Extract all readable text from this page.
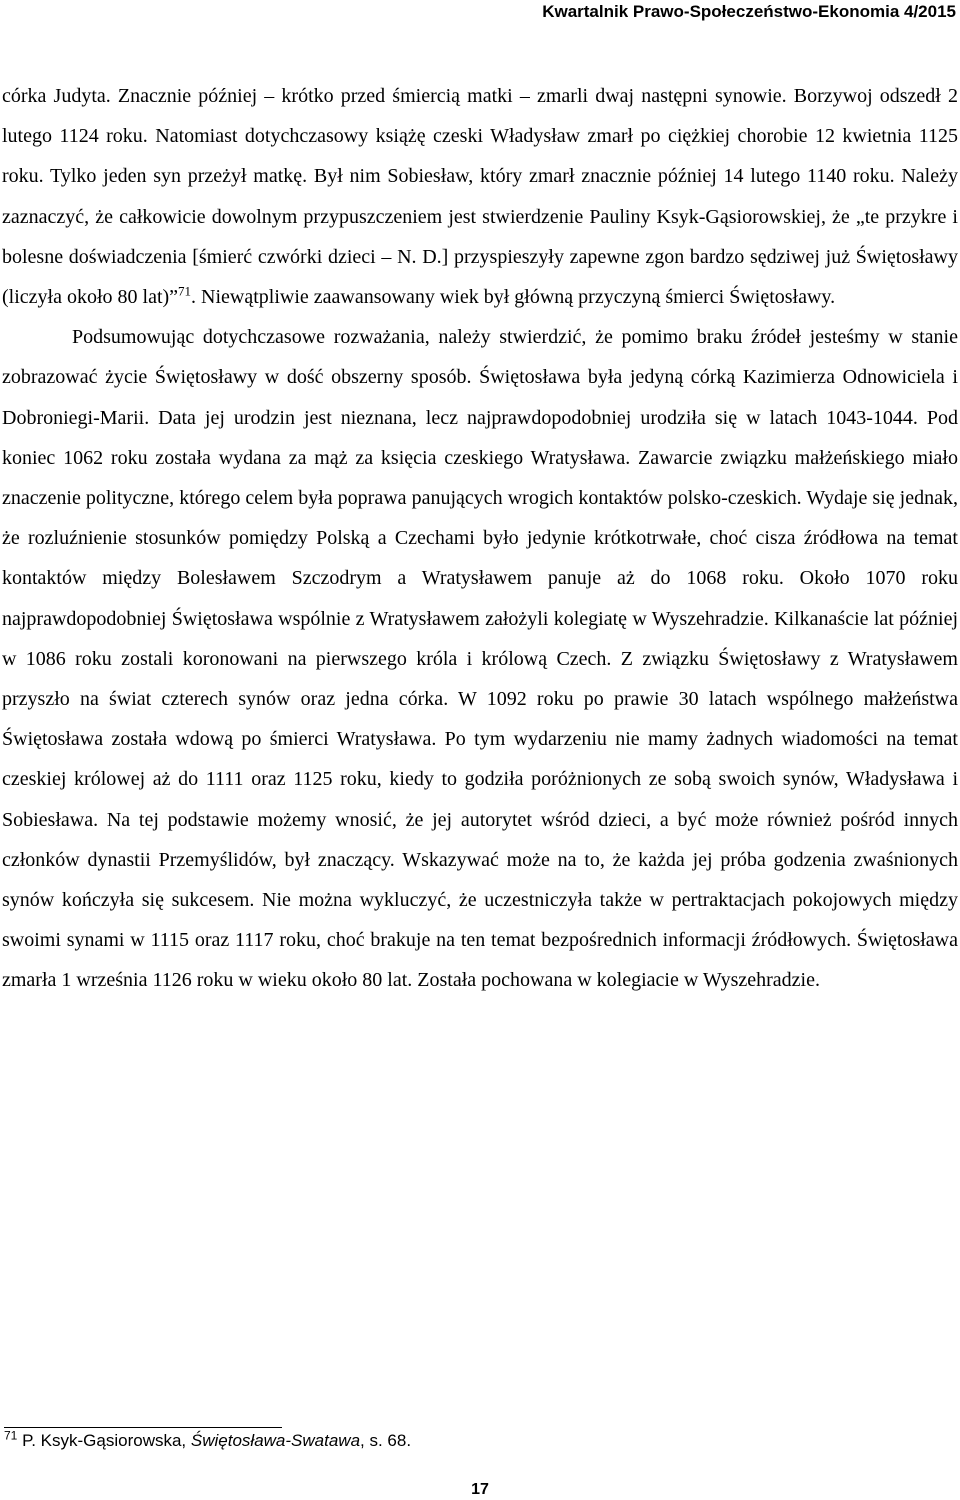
Kwartalnik Prawo-Społeczeństwo-Ekonomia 4/2015

córka Judyta. Znacznie później – krótko przed śmiercią matki – zmarli dwaj następni synowie. Borzywoj odszedł 2 lutego 1124 roku. Natomiast dotychczasowy książę czeski Władysław zmarł po ciężkiej chorobie 12 kwietnia 1125 roku. Tylko jeden syn przeżył matkę. Był nim Sobiesław, który zmarł znacznie później 14 lutego 1140 roku. Należy zaznaczyć, że całkowicie dowolnym przypuszczeniem jest stwierdzenie Pauliny Ksyk-Gąsiorowskiej, że „te przykre i bolesne doświadczenia [śmierć czwórki dzieci – N. D.] przyspieszyły zapewne zgon bardzo sędziwej już Świętosławy (liczyła około 80 lat)”$^{71}$. Niewątpliwie zaawansowany wiek był główną przyczyną śmierci Świętosławy.

Podsumowując dotychczasowe rozważania, należy stwierdzić, że pomimo braku źródeł jesteśmy w stanie zobrazować życie Świętosławy w dość obszerny sposób. Świętosława była jedyną córką Kazimierza Odnowiciela i Dobroniegi-Marii. Data jej urodzin jest nieznana, lecz najprawdopodobniej urodziła się w latach 1043-1044. Pod koniec 1062 roku została wydana za mąż za księcia czeskiego Wratysława. Zawarcie związku małżeńskiego miało znaczenie polityczne, którego celem była poprawa panujących wrogich kontaktów polsko-czeskich. Wydaje się jednak, że rozluźnienie stosunków pomiędzy Polską a Czechami było jedynie krótkotrwałe, choć cisza źródłowa na temat kontaktów między Bolesławem Szczodrym a Wratysławem panuje aż do 1068 roku. Około 1070 roku najprawdopodobniej Świętosława wspólnie z Wratysławem założyli kolegiatę w Wyszehradzie. Kilkanaście lat później w 1086 roku zostali koronowani na pierwszego króla i królową Czech. Z związku Świętosławy z Wratysławem przyszło na świat czterech synów oraz jedna córka. W 1092 roku po prawie 30 latach wspólnego małżeństwa Świętosława została wdową po śmierci Wratysława. Po tym wydarzeniu nie mamy żadnych wiadomości na temat czeskiej królowej aż do 1111 oraz 1125 roku, kiedy to godziła poróżnionych ze sobą swoich synów, Władysława i Sobiesława. Na tej podstawie możemy wnosić, że jej autorytet wśród dzieci, a być może również pośród innych członków dynastii Przemyślidów, był znaczący. Wskazywać może na to, że każda jej próba godzenia zwaśnionych synów kończyła się sukcesem. Nie można wykluczyć, że uczestniczyła także w pertraktacjach pokojowych między swoimi synami w 1115 oraz 1117 roku, choć brakuje na ten temat bezpośrednich informacji źródłowych. Świętosława zmarła 1 września 1126 roku w wieku około 80 lat. Została pochowana w kolegiacie w Wyszehradzie.

$^{71}$ P. Ksyk-Gąsiorowska, Świętosława-Swatawa, s. 68.
17
